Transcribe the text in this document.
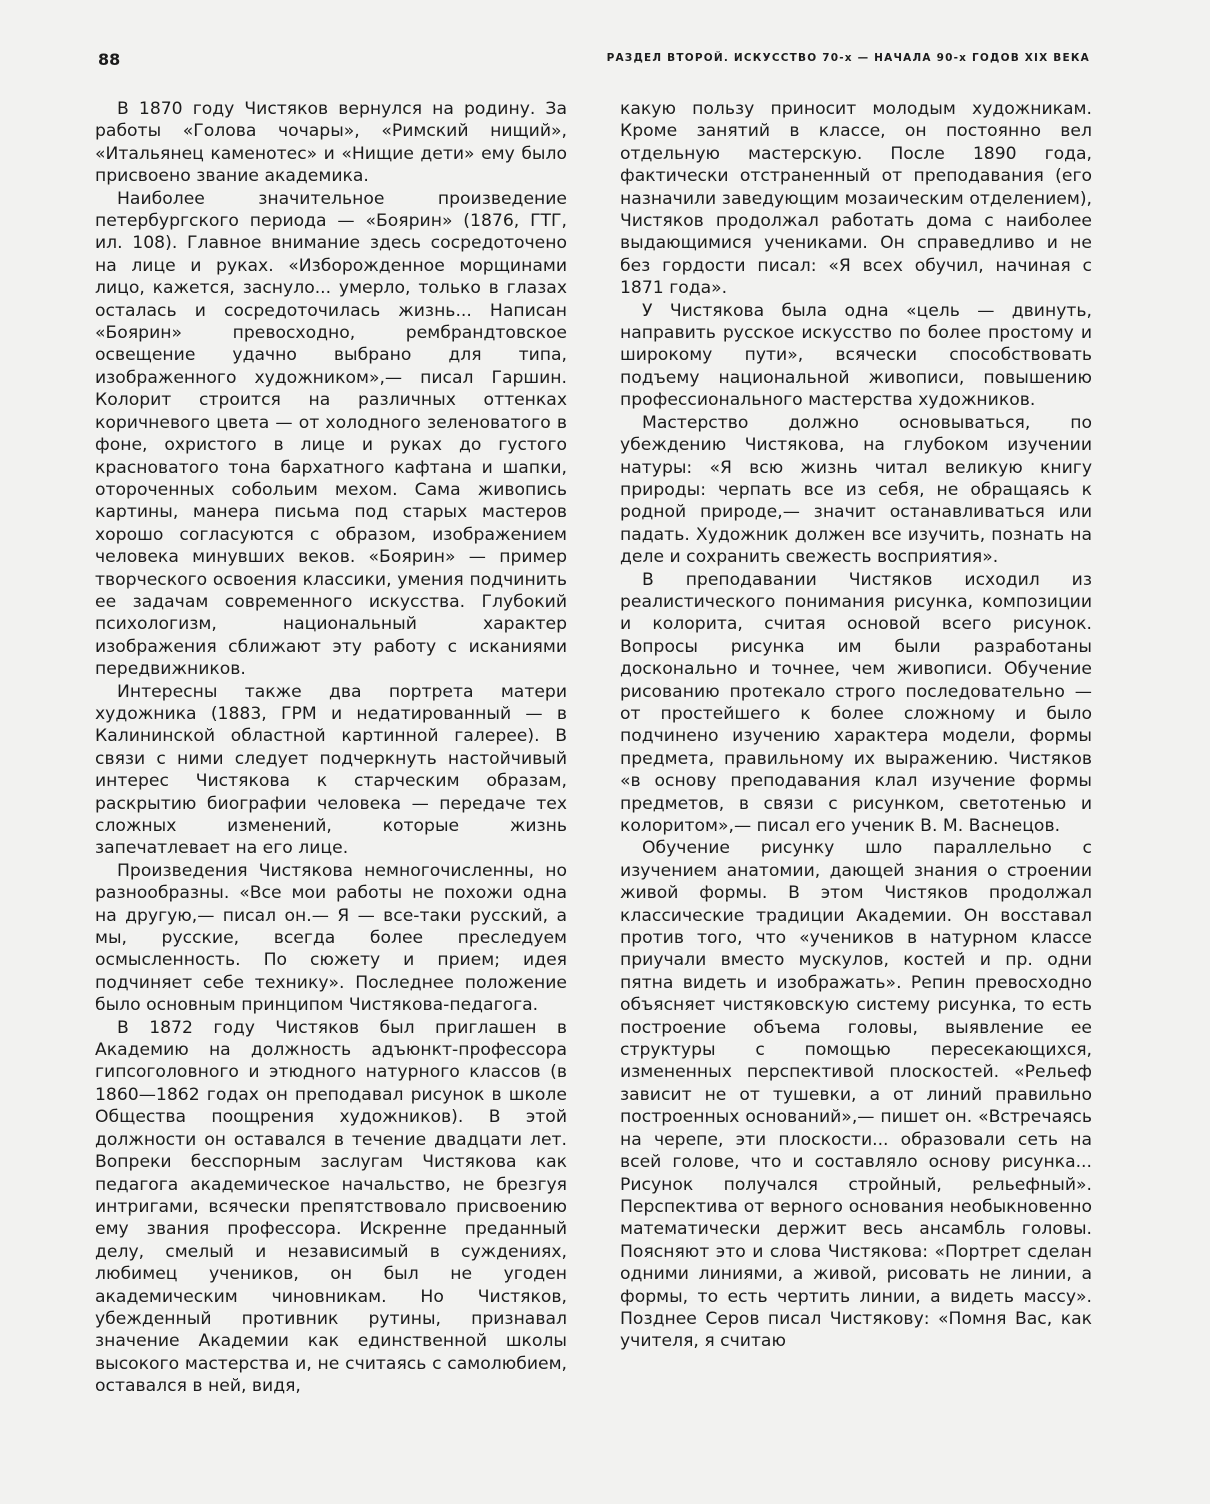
88	РАЗДЕЛ ВТОРОЙ. ИСКУССТВО 70-х — НАЧАЛА 90-х ГОДОВ XIX ВЕКА

В 1870 году Чистяков вернулся на родину. За работы «Голова чочары», «Римский нищий», «Итальянец каменотес» и «Нищие дети» ему было присвоено звание академика.

Наиболее значительное произведение петербургского периода — «Боярин» (1876, ГТГ, ил. 108). Главное внимание здесь сосредоточено на лице и руках. «Изборожденное морщинами лицо, кажется, заснуло... умерло, только в глазах осталась и сосредоточилась жизнь... Написан «Боярин» превосходно, рембрандтовское освещение удачно выбрано для типа, изображенного художником»,— писал Гаршин. Колорит строится на различных оттенках коричневого цвета — от холодного зеленоватого в фоне, охристого в лице и руках до густого красноватого тона бархатного кафтана и шапки, отороченных собольим мехом. Сама живопись картины, манера письма под старых мастеров хорошо согласуются с образом, изображением человека минувших веков. «Боярин» — пример творческого освоения классики, умения подчинить ее задачам современного искусства. Глубокий психологизм, национальный характер изображения сближают эту работу с исканиями передвижников.

Интересны также два портрета матери художника (1883, ГРМ и недатированный — в Калининской областной картинной галерее). В связи с ними следует подчеркнуть настойчивый интерес Чистякова к старческим образам, раскрытию биографии человека — передаче тех сложных изменений, которые жизнь запечатлевает на его лице.

Произведения Чистякова немногочисленны, но разнообразны. «Все мои работы не похожи одна на другую,— писал он.— Я — все-таки русский, а мы, русские, всегда более преследуем осмысленность. По сюжету и прием; идея подчиняет себе технику». Последнее положение было основным принципом Чистякова-педагога.

В 1872 году Чистяков был приглашен в Академию на должность адъюнкт-профессора гипсоголовного и этюдного натурного классов (в 1860—1862 годах он преподавал рисунок в школе Общества поощрения художников). В этой должности он оставался в течение двадцати лет. Вопреки бесспорным заслугам Чистякова как педагога академическое начальство, не брезгуя интригами, всячески препятствовало присвоению ему звания профессора. Искренне преданный делу, смелый и независимый в суждениях, любимец учеников, он был не угоден академическим чиновникам. Но Чистяков, убежденный противник рутины, признавал значение Академии как единственной школы высокого мастерства и, не считаясь с самолюбием, оставался в ней, видя,

какую пользу приносит молодым художникам. Кроме занятий в классе, он постоянно вел отдельную мастерскую. После 1890 года, фактически отстраненный от преподавания (его назначили заведующим мозаическим отделением), Чистяков продолжал работать дома с наиболее выдающимися учениками. Он справедливо и не без гордости писал: «Я всех обучил, начиная с 1871 года».

У Чистякова была одна «цель — двинуть, направить русское искусство по более простому и широкому пути», всячески способствовать подъему национальной живописи, повышению профессионального мастерства художников.

Мастерство должно основываться, по убеждению Чистякова, на глубоком изучении натуры: «Я всю жизнь читал великую книгу природы: черпать все из себя, не обращаясь к родной природе,— значит останавливаться или падать. Художник должен все изучить, познать на деле и сохранить свежесть восприятия».

В преподавании Чистяков исходил из реалистического понимания рисунка, композиции и колорита, считая основой всего рисунок. Вопросы рисунка им были разработаны досконально и точнее, чем живописи. Обучение рисованию протекало строго последовательно — от простейшего к более сложному и было подчинено изучению характера модели, формы предмета, правильному их выражению. Чистяков «в основу преподавания клал изучение формы предметов, в связи с рисунком, светотенью и колоритом»,— писал его ученик В. М. Васнецов.

Обучение рисунку шло параллельно с изучением анатомии, дающей знания о строении живой формы. В этом Чистяков продолжал классические традиции Академии. Он восставал против того, что «учеников в натурном классе приучали вместо мускулов, костей и пр. одни пятна видеть и изображать». Репин превосходно объясняет чистяковскую систему рисунка, то есть построение объема головы, выявление ее структуры с помощью пересекающихся, измененных перспективой плоскостей. «Рельеф зависит не от тушевки, а от линий правильно построенных оснований»,— пишет он. «Встречаясь на черепе, эти плоскости... образовали сеть на всей голове, что и составляло основу рисунка... Рисунок получался стройный, рельефный». Перспектива от верного основания необыкновенно математически держит весь ансамбль головы. Поясняют это и слова Чистякова: «Портрет сделан одними линиями, а живой, рисовать не линии, а формы, то есть чертить линии, а видеть массу». Позднее Серов писал Чистякову: «Помня Вас, как учителя, я считаю
